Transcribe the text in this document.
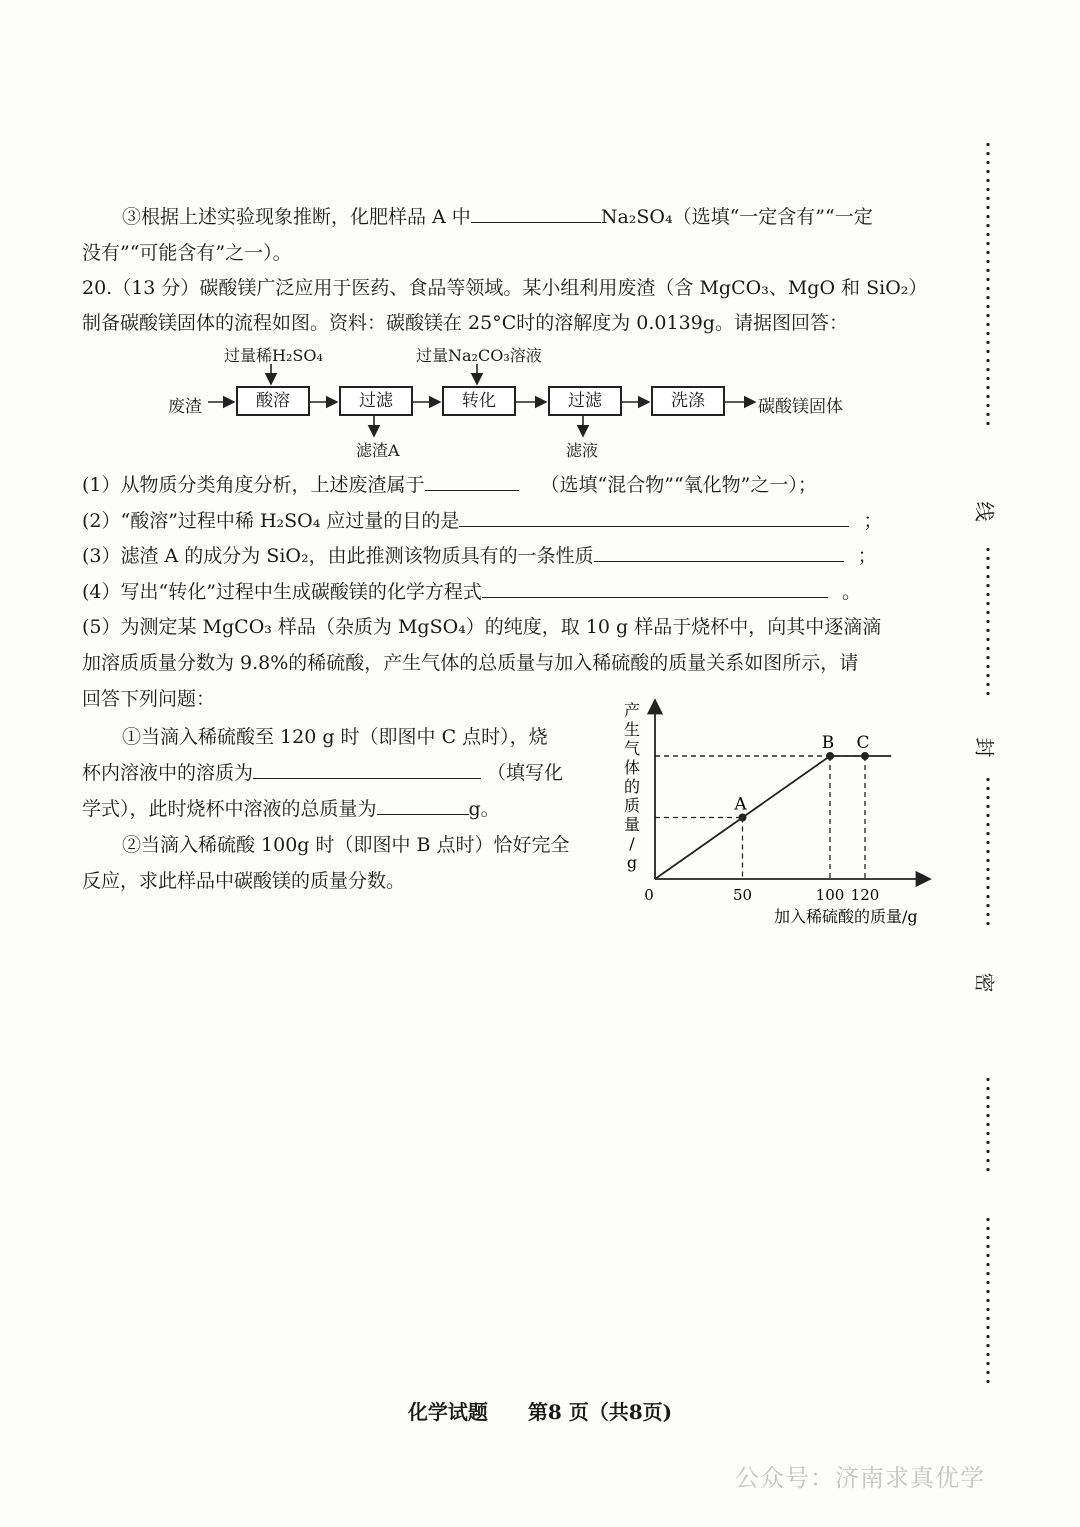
③根据上述实验现象推断，化肥样品 A 中	Na₂SO₄（选填“一定含有”“一定
没有”“可能含有”之一）。
20.（13 分）碳酸镁广泛应用于医药、食品等领域。某小组利用废渣（含 MgCO₃、MgO 和 SiO₂）
制备碳酸镁固体的流程如图。资料：碳酸镁在 25°C时的溶解度为 0.0139g。请据图回答：
过量稀H₂SO₄	过量Na₂CO₃溶液
废渣	酸溶	过滤	转化	过滤	洗涤	碳酸镁固体
滤渣A	滤液
(1）从物质分类角度分析，上述废渣属于	（选填“混合物”“氧化物”之一）；
(2）“酸溶”过程中稀 H₂SO₄ 应过量的目的是	；
(3）滤渣 A 的成分为 SiO₂，由此推测该物质具有的一条性质	；
(4）写出“转化”过程中生成碳酸镁的化学方程式	。
(5）为测定某 MgCO₃ 样品（杂质为 MgSO₄）的纯度，取 10 g 样品于烧杯中，向其中逐滴滴
加溶质质量分数为 9.8%的稀硫酸，产生气体的总质量与加入稀硫酸的质量关系如图所示，请
回答下列问题：
①当滴入稀硫酸至 120 g 时（即图中 C 点时），烧
杯内溶液中的溶质为	（填写化
学式），此时烧杯中溶液的总质量为	g。
②当滴入稀硫酸 100g 时（即图中 B 点时）恰好完全
反应，求此样品中碳酸镁的质量分数。
产
生
气
体
的
质
量
/
g
加入稀硫酸的质量/g
0	50	100 120
A
B C
线
封
密
化学试题 第8 页（共8页)
公众号：济南求真优学
